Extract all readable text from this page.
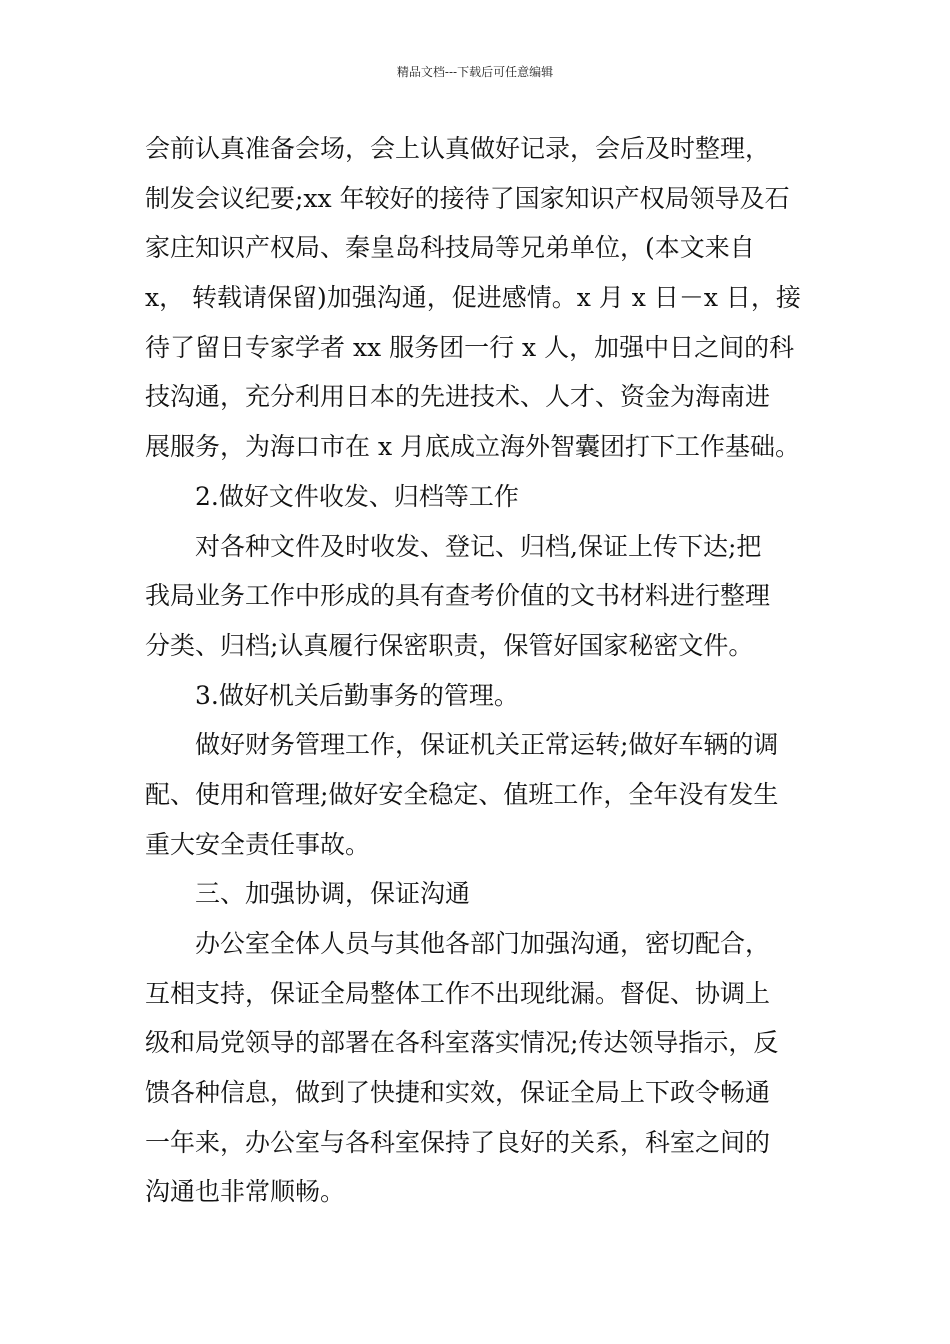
精品文档---下载后可任意编辑
会前认真准备会场，会上认真做好记录，会后及时整理，
制发会议纪要;xx 年较好的接待了国家知识产权局领导及石
家庄知识产权局、秦皇岛科技局等兄弟单位，(本文来自
x， 转载请保留)加强沟通，促进感情。x 月 x 日－x 日，接
待了留日专家学者 xx 服务团一行 x 人，加强中日之间的科
技沟通，充分利用日本的先进技术、人才、资金为海南进
展服务，为海口市在 x 月底成立海外智囊团打下工作基础。
2.做好文件收发、归档等工作
对各种文件及时收发、登记、归档,保证上传下达;把
我局业务工作中形成的具有查考价值的文书材料进行整理
分类、归档;认真履行保密职责，保管好国家秘密文件。
3.做好机关后勤事务的管理。
做好财务管理工作，保证机关正常运转;做好车辆的调
配、使用和管理;做好安全稳定、值班工作，全年没有发生
重大安全责任事故。
三、加强协调，保证沟通
办公室全体人员与其他各部门加强沟通，密切配合，
互相支持，保证全局整体工作不出现纰漏。督促、协调上
级和局党领导的部署在各科室落实情况;传达领导指示，反
馈各种信息，做到了快捷和实效，保证全局上下政令畅通
一年来，办公室与各科室保持了良好的关系，科室之间的
沟通也非常顺畅。
